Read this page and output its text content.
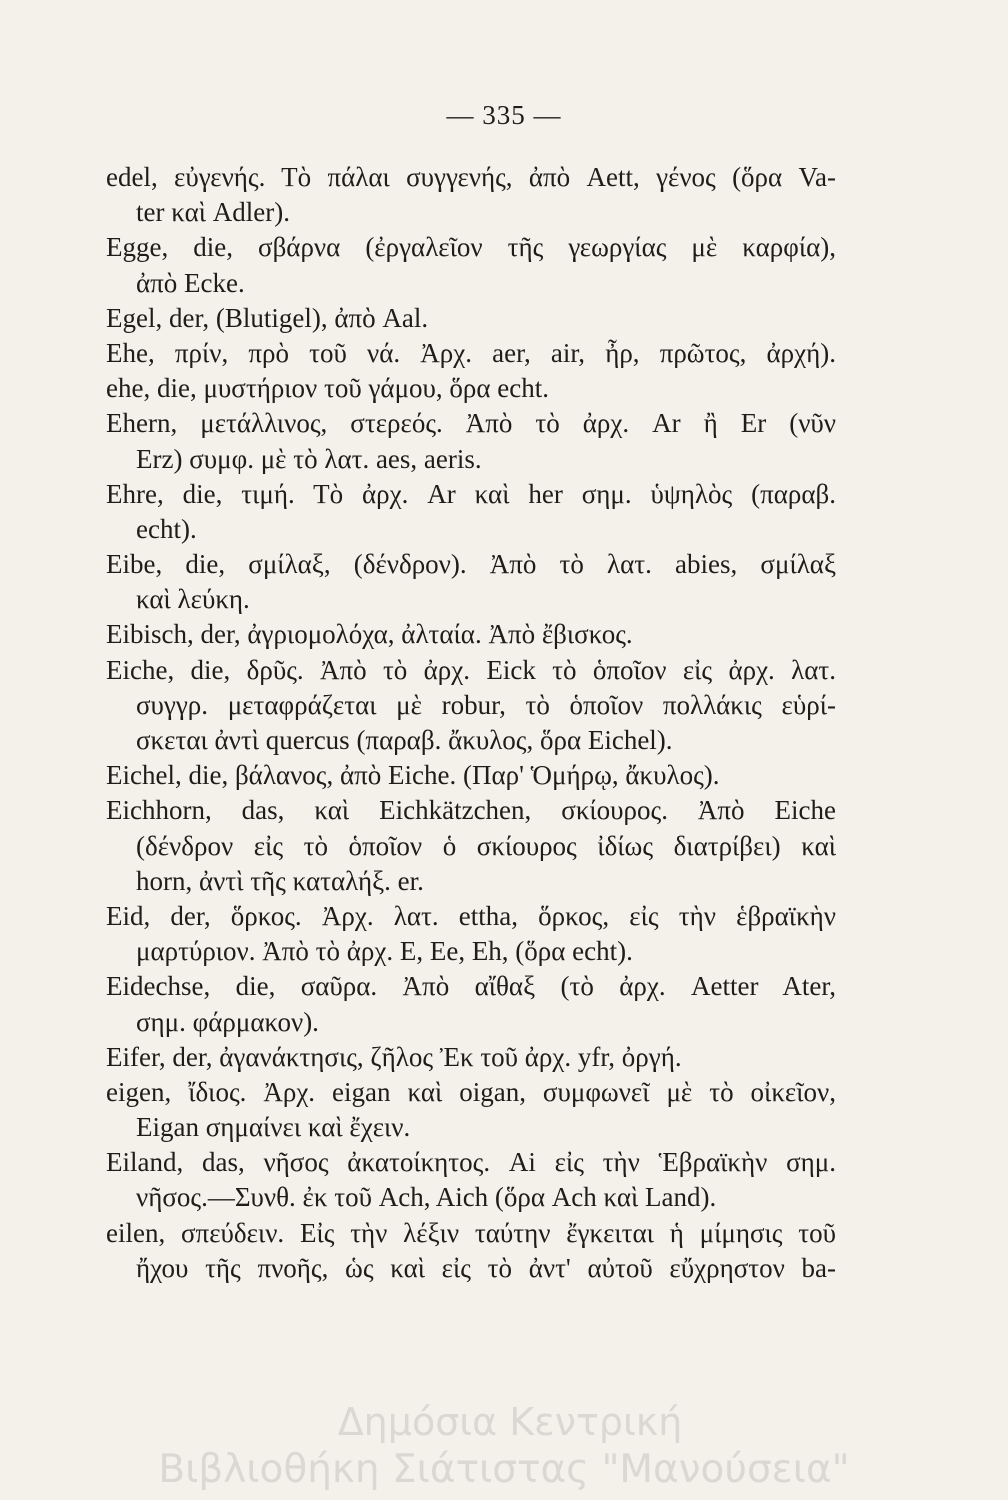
— 335 —
edel, εὐγενής. Τὸ πάλαι συγγενής, ἀπὸ Aett, γένος (ὅρα Va-
ter καὶ Adler).
Egge, die, σβάρνα (ἐργαλεῖον τῆς γεωργίας μὲ καρφία),
ἀπὸ Ecke.
Egel, der, (Blutigel), ἀπὸ Aal.
Ehe, πρίν, πρὸ τοῦ νά. Ἀρχ. aer, air, ἦρ, πρῶτος, ἀρχή).
ehe, die, μυστήριον τοῦ γάμου, ὅρα echt.
Ehern, μετάλλινος, στερεός. Ἀπὸ τὸ ἀρχ. Ar ἢ Er (νῦν
Erz) συμφ. μὲ τὸ λατ. aes, aeris.
Ehre, die, τιμή. Τὸ ἀρχ. Ar καὶ her σημ. ὑψηλὸς (παραβ.
echt).
Eibe, die, σμίλαξ, (δένδρον). Ἀπὸ τὸ λατ. abies, σμίλαξ
καὶ λεύκη.
Eibisch, der, ἀγριομολόχα, ἀλταία. Ἀπὸ ἔβισκος.
Eiche, die, δρῦς. Ἀπὸ τὸ ἀρχ. Eick τὸ ὁποῖον εἰς ἀρχ. λατ.
συγγρ. μεταφράζεται μὲ robur, τὸ ὁποῖον πολλάκις εὑρί-
σκεται ἀντὶ quercus (παραβ. ἄκυλος, ὅρα Eichel).
Eichel, die, βάλανος, ἀπὸ Eiche. (Παρ' Ὁμήρῳ, ἄκυλος).
Eichhorn, das, καὶ Eichkätzchen, σκίουρος. Ἀπὸ Eiche
(δένδρον εἰς τὸ ὁποῖον ὁ σκίουρος ἰδίως διατρίβει) καὶ
horn, ἀντὶ τῆς καταλήξ. er.
Eid, der, ὅρκος. Ἀρχ. λατ. ettha, ὅρκος, εἰς τὴν ἑβραϊκὴν
μαρτύριον. Ἀπὸ τὸ ἀρχ. E, Ee, Eh, (ὅρα echt).
Eidechse, die, σαῦρα. Ἀπὸ αἴθαξ (τὸ ἀρχ. Aetter Ater,
σημ. φάρμακον).
Eifer, der, ἀγανάκτησις, ζῆλος Ἐκ τοῦ ἀρχ. yfr, ὀργή.
eigen, ἴδιος. Ἀρχ. eigan καὶ oigan, συμφωνεῖ μὲ τὸ οἰκεῖον,
Eigan σημαίνει καὶ ἔχειν.
Eiland, das, νῆσος ἀκατοίκητος. Ai εἰς τὴν Ἑβραϊκὴν σημ.
νῆσος.—Συνθ. ἐκ τοῦ Ach, Aich (ὅρα Ach καὶ Land).
eilen, σπεύδειν. Εἰς τὴν λέξιν ταύτην ἔγκειται ἡ μίμησις τοῦ
ἤχου τῆς πνοῆς, ὡς καὶ εἰς τὸ ἀντ' αὐτοῦ εὔχρηστον ba-
Δημόσια Κεντρική
Βιβλιοθήκη Σιάτιστας "Μανούσεια"
